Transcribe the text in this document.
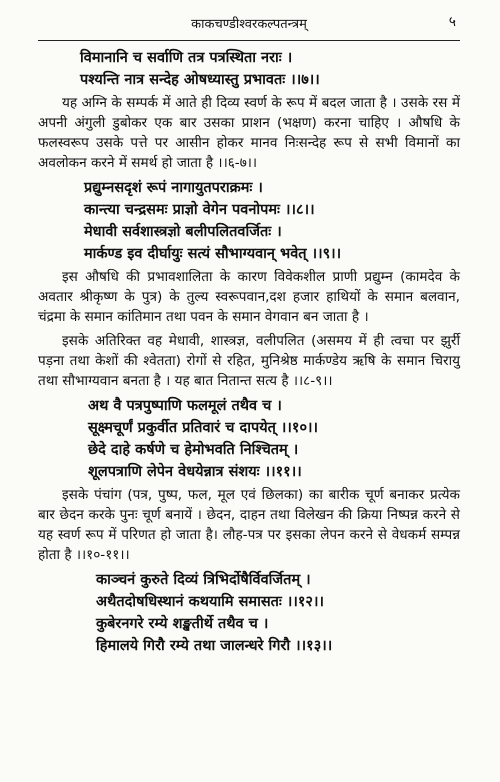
काकचण्डीश्वरकल्पतन्त्रम्	५
विमानानि च सर्वाणि तत्र पत्रस्थिता नराः ।
पश्यन्ति नात्र सन्देह ओषध्यास्तु प्रभावतः ।।७।।
यह अग्नि के सम्पर्क में आते ही दिव्य स्वर्ण के रूप में बदल जाता है । उसके रस में अपनी अंगुली डुबोकर एक बार उसका प्राशन (भक्षण) करना चाहिए । औषधि के फलस्वरूप उसके पत्ते पर आसीन होकर मानव निःसन्देह रूप से सभी विमानों का अवलोकन करने में समर्थ हो जाता है ।।६-७।।
प्रद्युम्नसदृशं रूपं नागायुतपराक्रमः ।
कान्त्या चन्द्रसमः प्राज्ञो वेगेन पवनोपमः ।।८।।
मेधावी सर्वशास्त्रज्ञो बलीपलितवर्जितः ।
मार्कण्ड इव दीर्घायुः सत्यं सौभाग्यवान् भवेत् ।।९।।
इस औषधि की प्रभावशालिता के कारण विवेकशील प्राणी प्रद्युम्न (कामदेव के अवतार श्रीकृष्ण के पुत्र) के तुल्य स्वरूपवान,दश हजार हाथियों के समान बलवान, चंद्रमा के समान कांतिमान तथा पवन के समान वेगवान बन जाता है ।
इसके अतिरिक्त वह मेधावी, शास्त्रज्ञ, वलीपलित (असमय में ही त्वचा पर झुर्री पड़ना तथा केशों की श्वेतता) रोगों से रहित, मुनिश्रेष्ठ मार्कण्डेय ऋषि के समान चिरायु तथा सौभाग्यवान बनता है । यह बात नितान्त सत्य है ।।८-९।।
अथ वै पत्रपुष्पाणि फलमूलं तथैव च ।
सूक्ष्मचूर्णं प्रकुर्वीत प्रतिवारं च दापयेत् ।।१०।।
छेदे दाहे कर्षणे च हेमोभवति निश्चितम् ।
शूलपत्राणि लेपेन वेधयेन्नात्र संशयः ।।११।।
इसके पंचांग (पत्र, पुष्प, फल, मूल एवं छिलका) का बारीक चूर्ण बनाकर प्रत्येक बार छेदन करके पुनः चूर्ण बनायें । छेदन, दाहन तथा विलेखन की क्रिया निष्पन्न करने से यह स्वर्ण रूप में परिणत हो जाता है। लौह-पत्र पर इसका लेपन करने से वेधकर्म सम्पन्न होता है ।।१०-११।।
काञ्चनं कुरुते दिव्यं त्रिभिर्दोषैर्विवर्जितम् ।
अथैतदोषधिस्थानं कथयामि समासतः ।।१२।।
कुबेरनगरे रम्ये शङ्खतीर्थे तथैव च ।
हिमालये गिरौ रम्ये तथा जालन्धरे गिरौ ।।१३।।
